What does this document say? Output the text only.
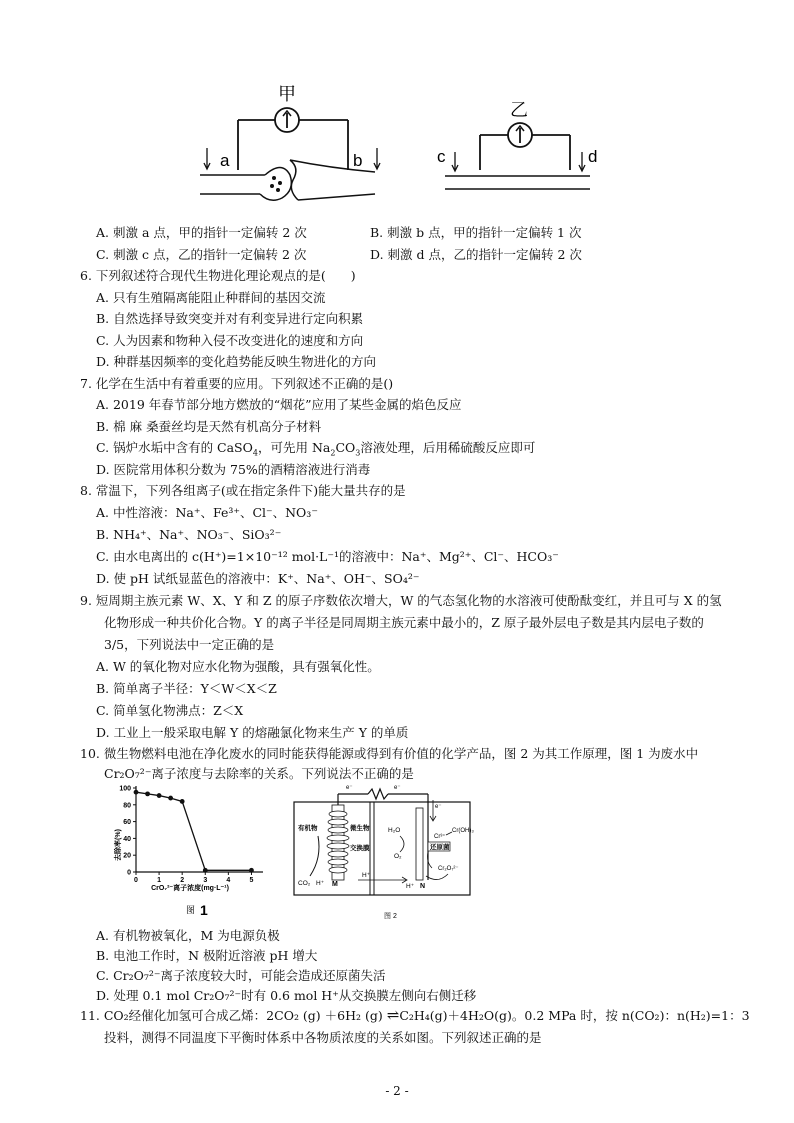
甲
a	b
乙
c	d
A. 刺激 a 点，甲的指针一定偏转 2 次	B. 刺激 b 点，甲的指针一定偏转 1 次
C. 刺激 c 点，乙的指针一定偏转 2 次	D. 刺激 d 点，乙的指针一定偏转 2 次
6. 下列叙述符合现代生物进化理论观点的是(　　)
A. 只有生殖隔离能阻止种群间的基因交流
B. 自然选择导致突变并对有利变异进行定向积累
C. 人为因素和物种入侵不改变进化的速度和方向
D. 种群基因频率的变化趋势能反映生物进化的方向
7. 化学在生活中有着重要的应用。下列叙述不正确的是()
A. 2019 年春节部分地方燃放的“烟花”应用了某些金属的焰色反应
B. 棉 麻 桑蚕丝均是天然有机高分子材料
C. 锅炉水垢中含有的 CaSO$_4$，可先用 $Na_2CO_3$溶液处理，后用稀硫酸反应即可
D. 医院常用体积分数为 75%的酒精溶液进行消毒
8. 常温下，下列各组离子(或在指定条件下)能大量共存的是
A. 中性溶液：Na⁺、Fe³⁺、Cl⁻、NO₃⁻
B. NH₄⁺、Na⁺、NO₃⁻、SiO₃²⁻
C. 由水电离出的 c(H⁺)=1×10⁻¹² mol·L⁻¹的溶液中：Na⁺、Mg²⁺、Cl⁻、HCO₃⁻
D. 使 pH 试纸显蓝色的溶液中：K⁺、Na⁺、OH⁻、SO₄²⁻
9. 短周期主族元素 W、X、Y 和 Z 的原子序数依次增大，W 的气态氢化物的水溶液可使酚酞变红，并且可与 X 的氢
化物形成一种共价化合物。Y 的离子半径是同周期主族元素中最小的，Z 原子最外层电子数是其内层电子数的
3/5，下列说法中一定正确的是
A. W 的氧化物对应水化物为强酸，具有强氧化性。
B. 简单离子半径：Y＜W＜X＜Z
C. 简单氢化物沸点：Z＜X
D. 工业上一般采取电解 Y 的熔融氯化物来生产 Y 的单质
10. 微生物燃料电池在净化废水的同时能获得能源或得到有价值的化学产品，图 2 为其工作原理，图 1 为废水中
Cr₂O₇²⁻离子浓度与去除率的关系。下列说法不正确的是
0
20
40
60
80
100
0	1	2	3	4	5
去除率(%)
CrO₇²⁻离子浓度(mg·L⁻¹)
图 1
e⁻	e⁻
有机物	微生物
交换膜
CO₂ H⁺ M
H⁺
e⁻
H₂O
O₂
H⁺ N
Cr³⁺
Cr(OH)₃
还原菌
Cr₂O₇²⁻
图 2
A. 有机物被氧化，M 为电源负极
B. 电池工作时，N 极附近溶液 pH 增大
C. Cr₂O₇²⁻离子浓度较大时，可能会造成还原菌失活
D. 处理 0.1 mol Cr₂O₇²⁻时有 0.6 mol H⁺从交换膜左侧向右侧迁移
11. CO₂经催化加氢可合成乙烯：2CO₂ (g) ＋6H₂ (g) ⇌C₂H₄(g)＋4H₂O(g)。0.2 MPa 时，按 n(CO₂)：n(H₂)=1：3
投料，测得不同温度下平衡时体系中各物质浓度的关系如图。下列叙述正确的是
- 2 -
